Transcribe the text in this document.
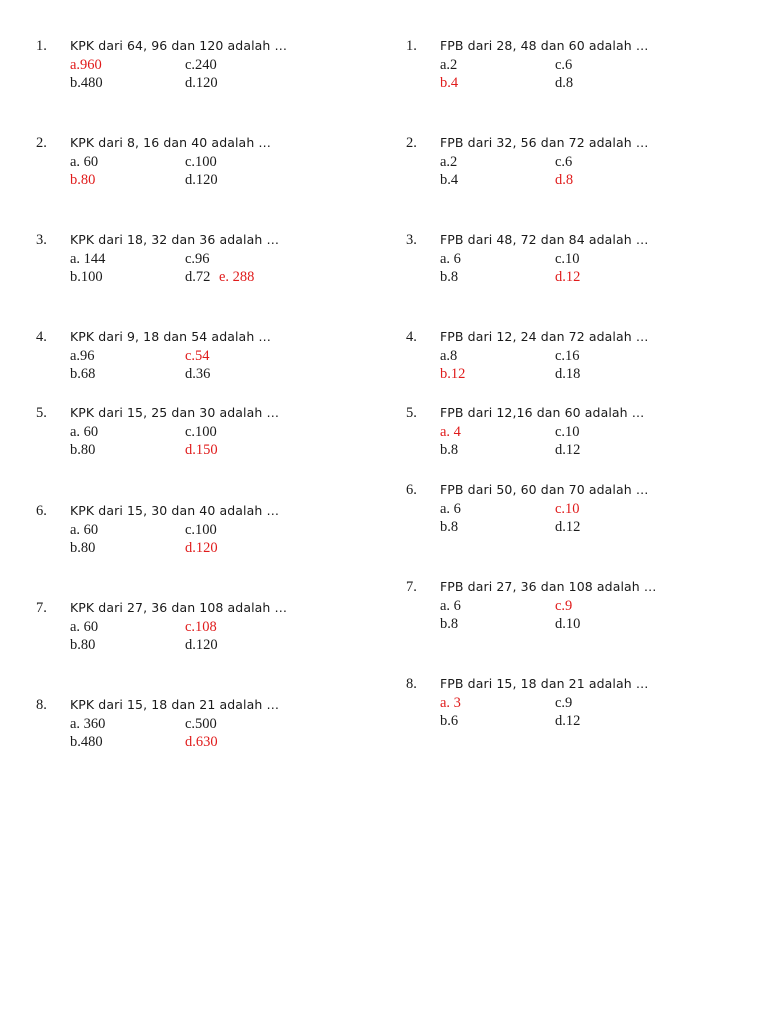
1. KPK dari 64, 96 dan 120 adalah …
a.960	c.240
b.480	d.120
2. KPK dari 8, 16 dan 40 adalah …
a. 60	c.100
b.80	d.120
3. KPK dari 18, 32 dan 36 adalah …
a. 144	c.96
b.100	d.72 e. 288
4. KPK dari 9, 18 dan 54 adalah …
a.96	c.54
b.68	d.36
5. KPK dari 15, 25 dan 30 adalah …
a. 60	c.100
b.80	d.150
6. KPK dari 15, 30 dan 40 adalah …
a. 60	c.100
b.80	d.120
7. KPK dari 27, 36 dan 108 adalah …
a. 60	c.108
b.80	d.120
8. KPK dari 15, 18 dan 21 adalah …
a. 360	c.500
b.480	d.630
1. FPB dari 28, 48 dan 60 adalah …
a.2	c.6
b.4	d.8
2. FPB dari 32, 56 dan 72 adalah …
a.2	c.6
b.4	d.8
3. FPB dari 48, 72 dan 84 adalah …
a. 6	c.10
b.8	d.12
4. FPB dari 12, 24 dan 72 adalah …
a.8	c.16
b.12	d.18
5. FPB dari 12,16 dan 60 adalah …
a. 4	c.10
b.8	d.12
6. FPB dari 50, 60 dan 70 adalah …
a. 6	c.10
b.8	d.12
7. FPB dari 27, 36 dan 108 adalah …
a. 6	c.9
b.8	d.10
8. FPB dari 15, 18 dan 21 adalah …
a. 3	c.9
b.6	d.12
